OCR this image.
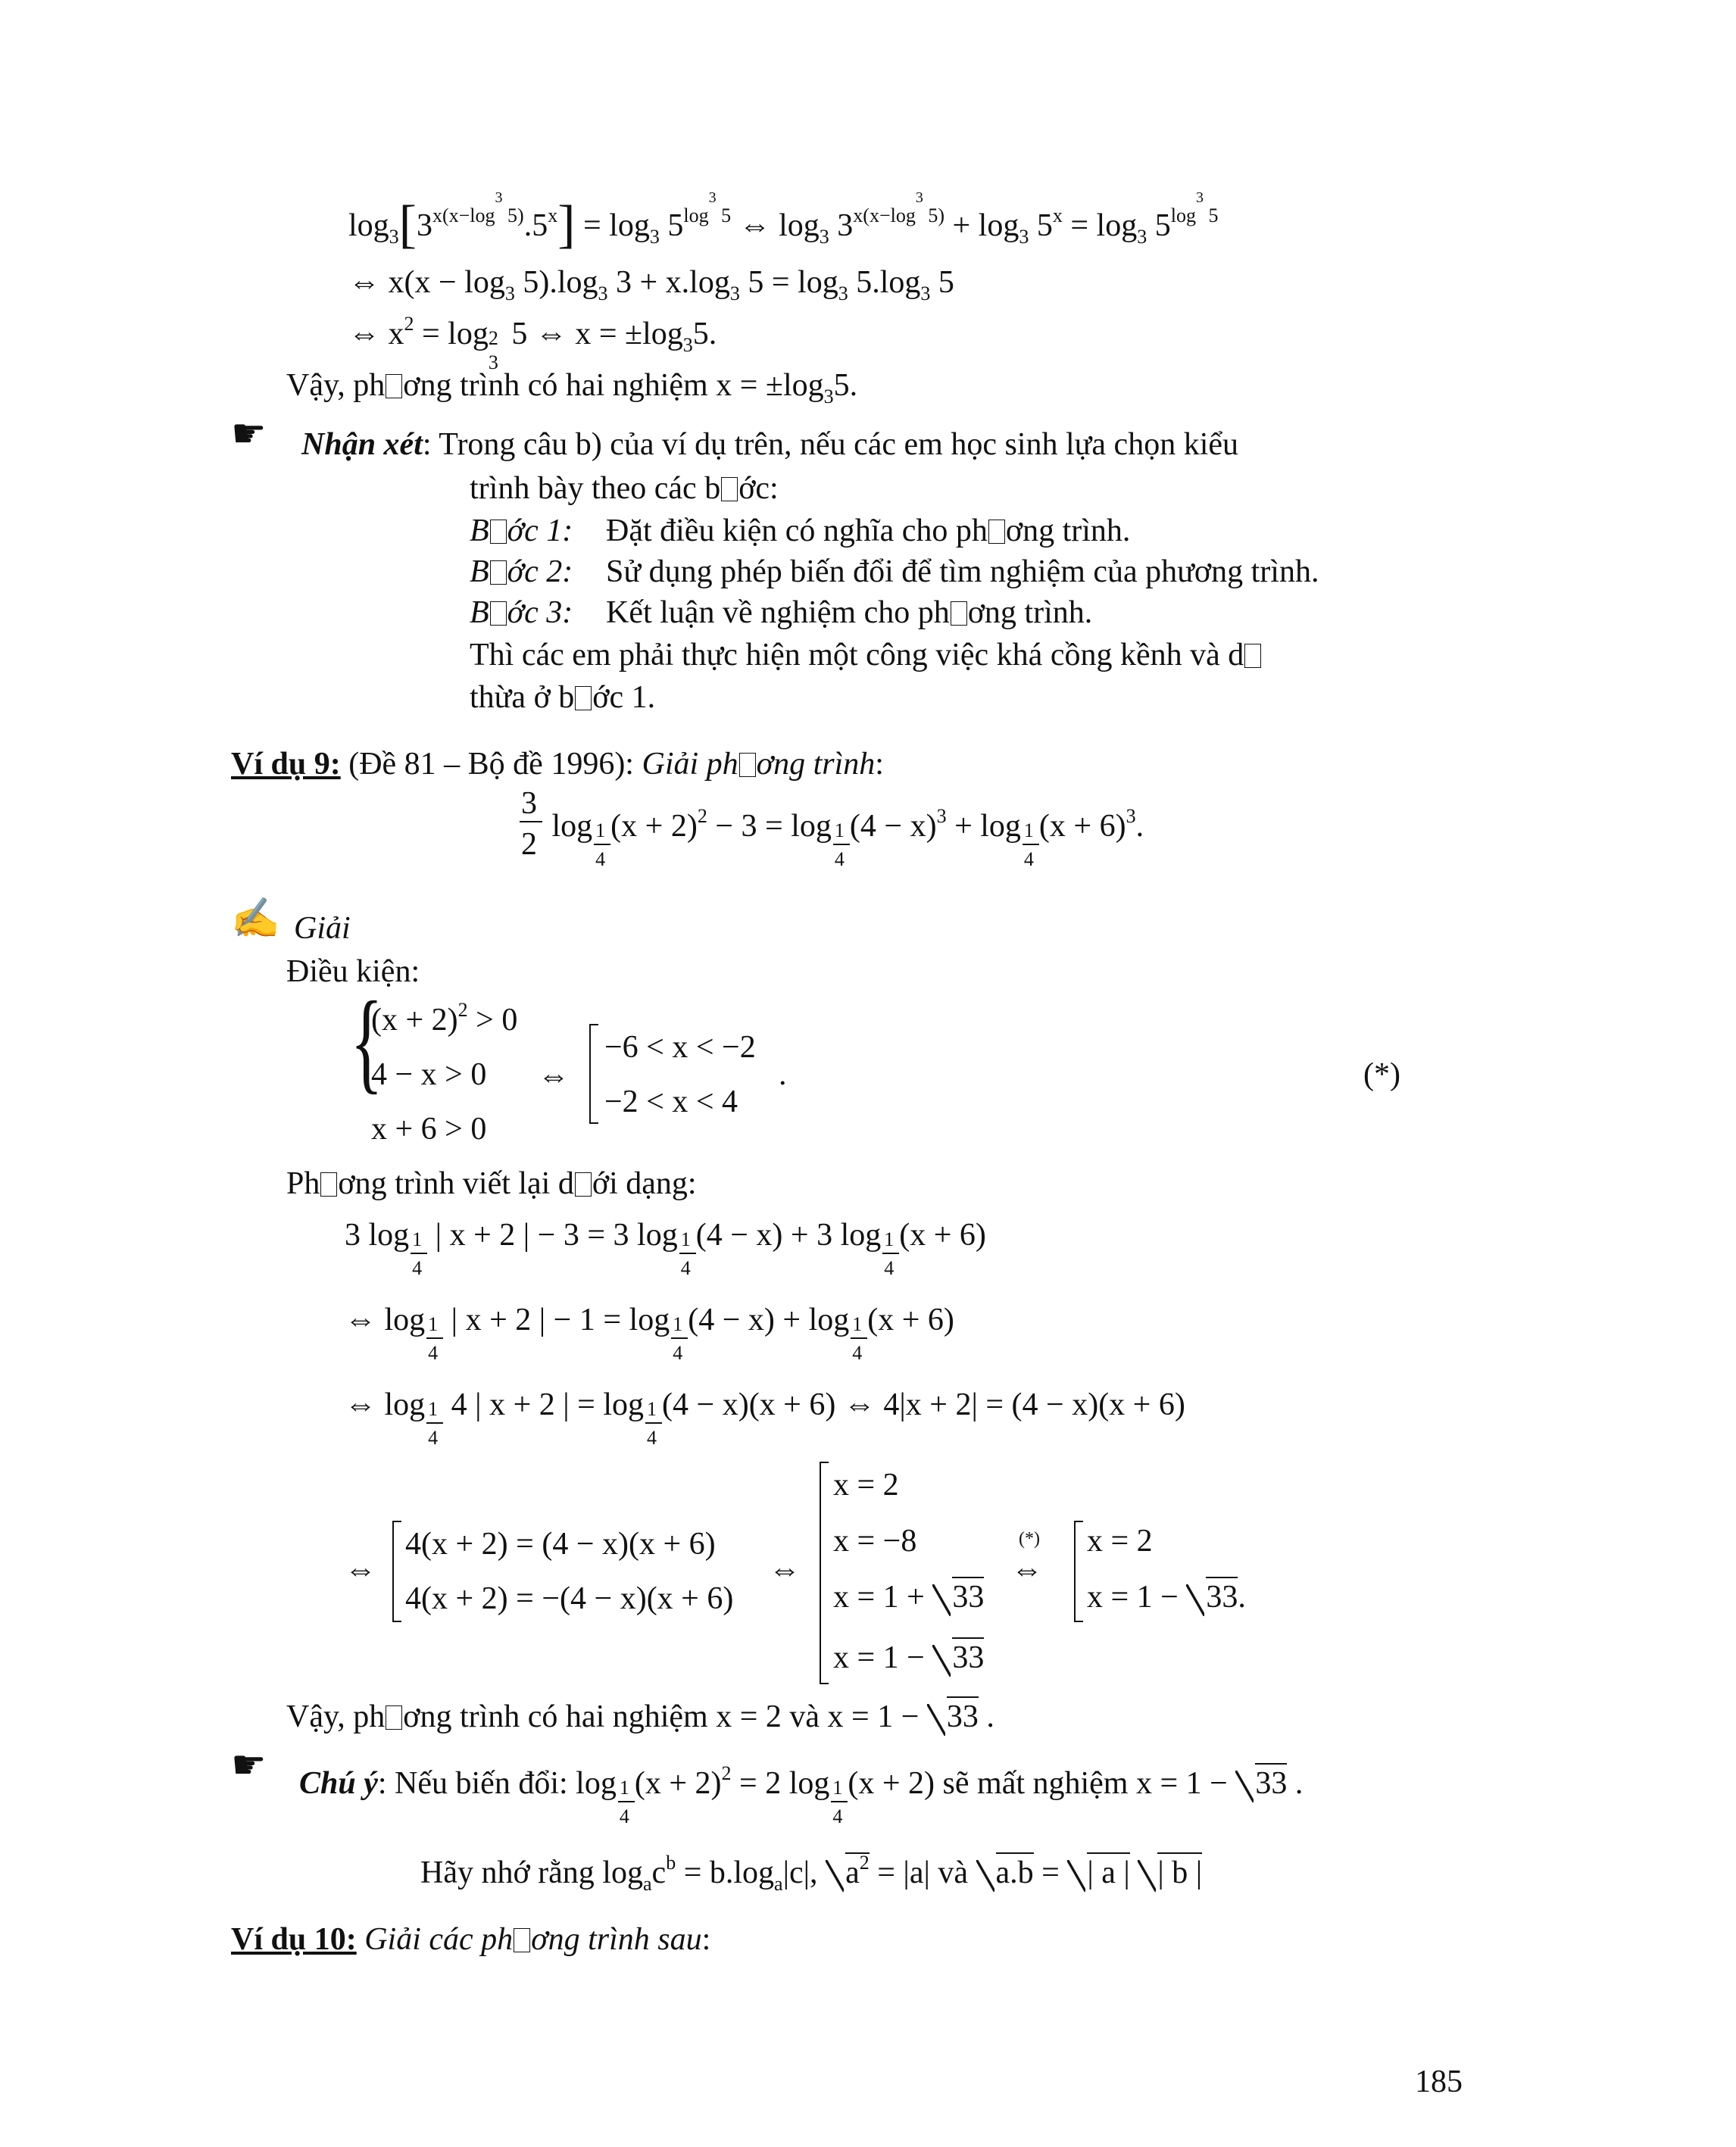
$\log_3[3^{x(x-log^3 5)}.5^x] = \log_3 5^{log^3 5}$ ⇔ $\log_3 3^{x(x-log^3 5)} + \log_3 5^x = \log_3 5^{log^3 5}$
⇔ $x(x - \log_3 5).\log_3$ $3 + x.\log_3$ $5 = \log_3 5.\log_3$ 5
⇔ $x^2 = \log 2$
3
5 ⇔ $x = \pm\log_35$.
Vậy, ph ơng trình có hai nghiệm $x = \pm\log_35$.
☛ Nhận xét: Trong câu b) của ví dụ trên, nếu các em học sinh lựa chọn kiểu
trình bày theo các b ớc:
B ớc 1: Đặt điều kiện có nghĩa cho ph ơng trình.
B ớc 2: Sử dụng phép biến đổi để tìm nghiệm của phương trình.
B ớc 3: Kết luận về nghiệm cho ph ơng trình.
Thì các em phải thực hiện một công việc khá cồng kềnh và d
thừa ở b ớc 1.
Ví dụ 9: (Đề 81 – Bộ đề 1996): Giải ph ơng trình:
$\frac{3}{2}$ $\log \frac{1}{4} (x + 2)^2 - 3 = \log \frac{1}{4} (4 - x)^3 + \log \frac{1}{4} (x + 6)^3$.
✍ Giải
Điều kiện:
{
$(x + 2)^2 > 0$
4 − x > 0
x + 6 > 0
⇔
−6 < x < −2
−2 < x < 4
.	(*)
Ph ơng trình viết lại d ới dạng:
3 $\log \frac{1}{4}$ | x + 2 | − 3 = 3 $\log \frac{1}{4} (4 - x) + 3$ $\log \frac{1}{4} (x + 6)$
⇔ $\log \frac{1}{4}$ | x + 2 | − $1 = \log \frac{1}{4} (4 - x) + \log \frac{1}{4} (x + 6)$
⇔ $\log \frac{1}{4} 4$ | x + 2 | = $\log \frac{1}{4} (4 - x)(x + 6)$ ⇔ 4|x + 2| = (4 − x)(x + 6)
⇔
4(x + 2) = (4 − x)(x + 6)
4(x + 2) = −(4 − x)(x + 6)
⇔
x = 2
x = −8
x = 1 + 33
x = 1 − 33
(*)
⇔
x = 2
x = 1 − 33.
Vậy, ph ơng trình có hai nghiệm x = 2 và x = 1 − 33 .
☛ Chú ý: Nếu biến đổi: $\log \frac{1}{4} (x + 2)^2 = 2$ $\log \frac{1}{4} (x + 2)$ sẽ mất nghiệm x = 1 − 33 .
Hãy nhớ rằng $\log_ac^b = b.\log_a|c|$, $a^2 = |a|$ và a.b = | a | | b |
Ví dụ 10: Giải các ph ơng trình sau:
185
